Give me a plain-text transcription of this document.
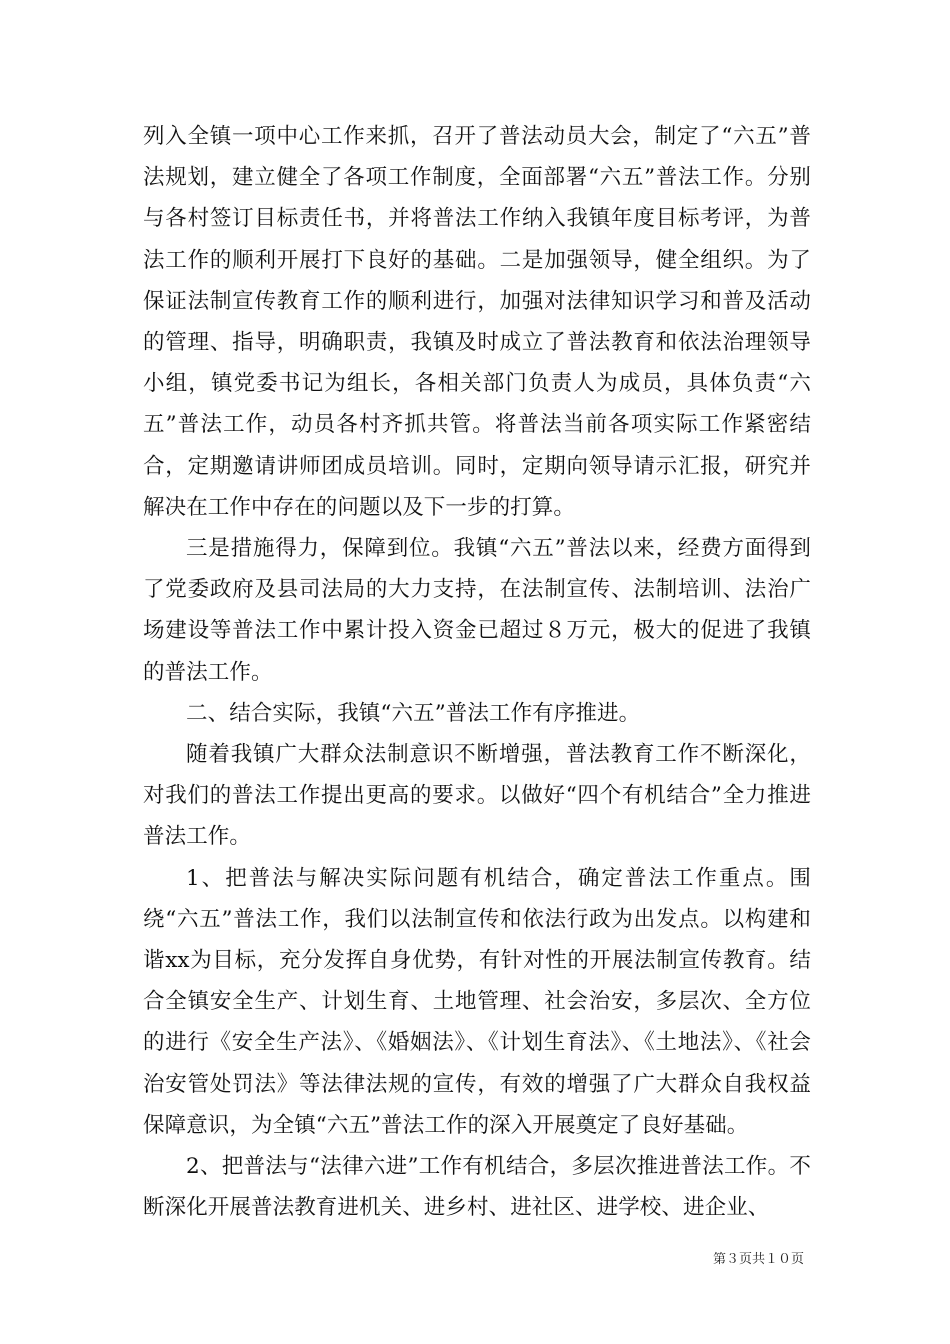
列入全镇一项中心工作来抓，召开了普法动员大会，制定了“六五”普法规划，建立健全了各项工作制度，全面部署“六五”普法工作。分别与各村签订目标责任书，并将普法工作纳入我镇年度目标考评，为普法工作的顺利开展打下良好的基础。二是加强领导，健全组织。为了保证法制宣传教育工作的顺利进行，加强对法律知识学习和普及活动的管理、指导，明确职责，我镇及时成立了普法教育和依法治理领导小组，镇党委书记为组长，各相关部门负责人为成员，具体负责“六五”普法工作，动员各村齐抓共管。将普法当前各项实际工作紧密结合，定期邀请讲师团成员培训。同时，定期向领导请示汇报，研究并解决在工作中存在的问题以及下一步的打算。

三是措施得力，保障到位。我镇“六五”普法以来，经费方面得到了党委政府及县司法局的大力支持，在法制宣传、法制培训、法治广场建设等普法工作中累计投入资金已超过８万元，极大的促进了我镇的普法工作。

二、结合实际，我镇“六五”普法工作有序推进。

随着我镇广大群众法制意识不断增强，普法教育工作不断深化，对我们的普法工作提出更高的要求。以做好“四个有机结合”全力推进普法工作。

1、把普法与解决实际问题有机结合，确定普法工作重点。围绕“六五”普法工作，我们以法制宣传和依法行政为出发点。以构建和谐xx为目标，充分发挥自身优势，有针对性的开展法制宣传教育。结合全镇安全生产、计划生育、土地管理、社会治安，多层次、全方位的进行《安全生产法》、《婚姻法》、《计划生育法》、《土地法》、《社会治安管处罚法》等法律法规的宣传，有效的增强了广大群众自我权益保障意识，为全镇“六五”普法工作的深入开展奠定了良好基础。

2、把普法与“法律六进”工作有机结合，多层次推进普法工作。不断深化开展普法教育进机关、进乡村、进社区、进学校、进企业、

第３页共１０页
